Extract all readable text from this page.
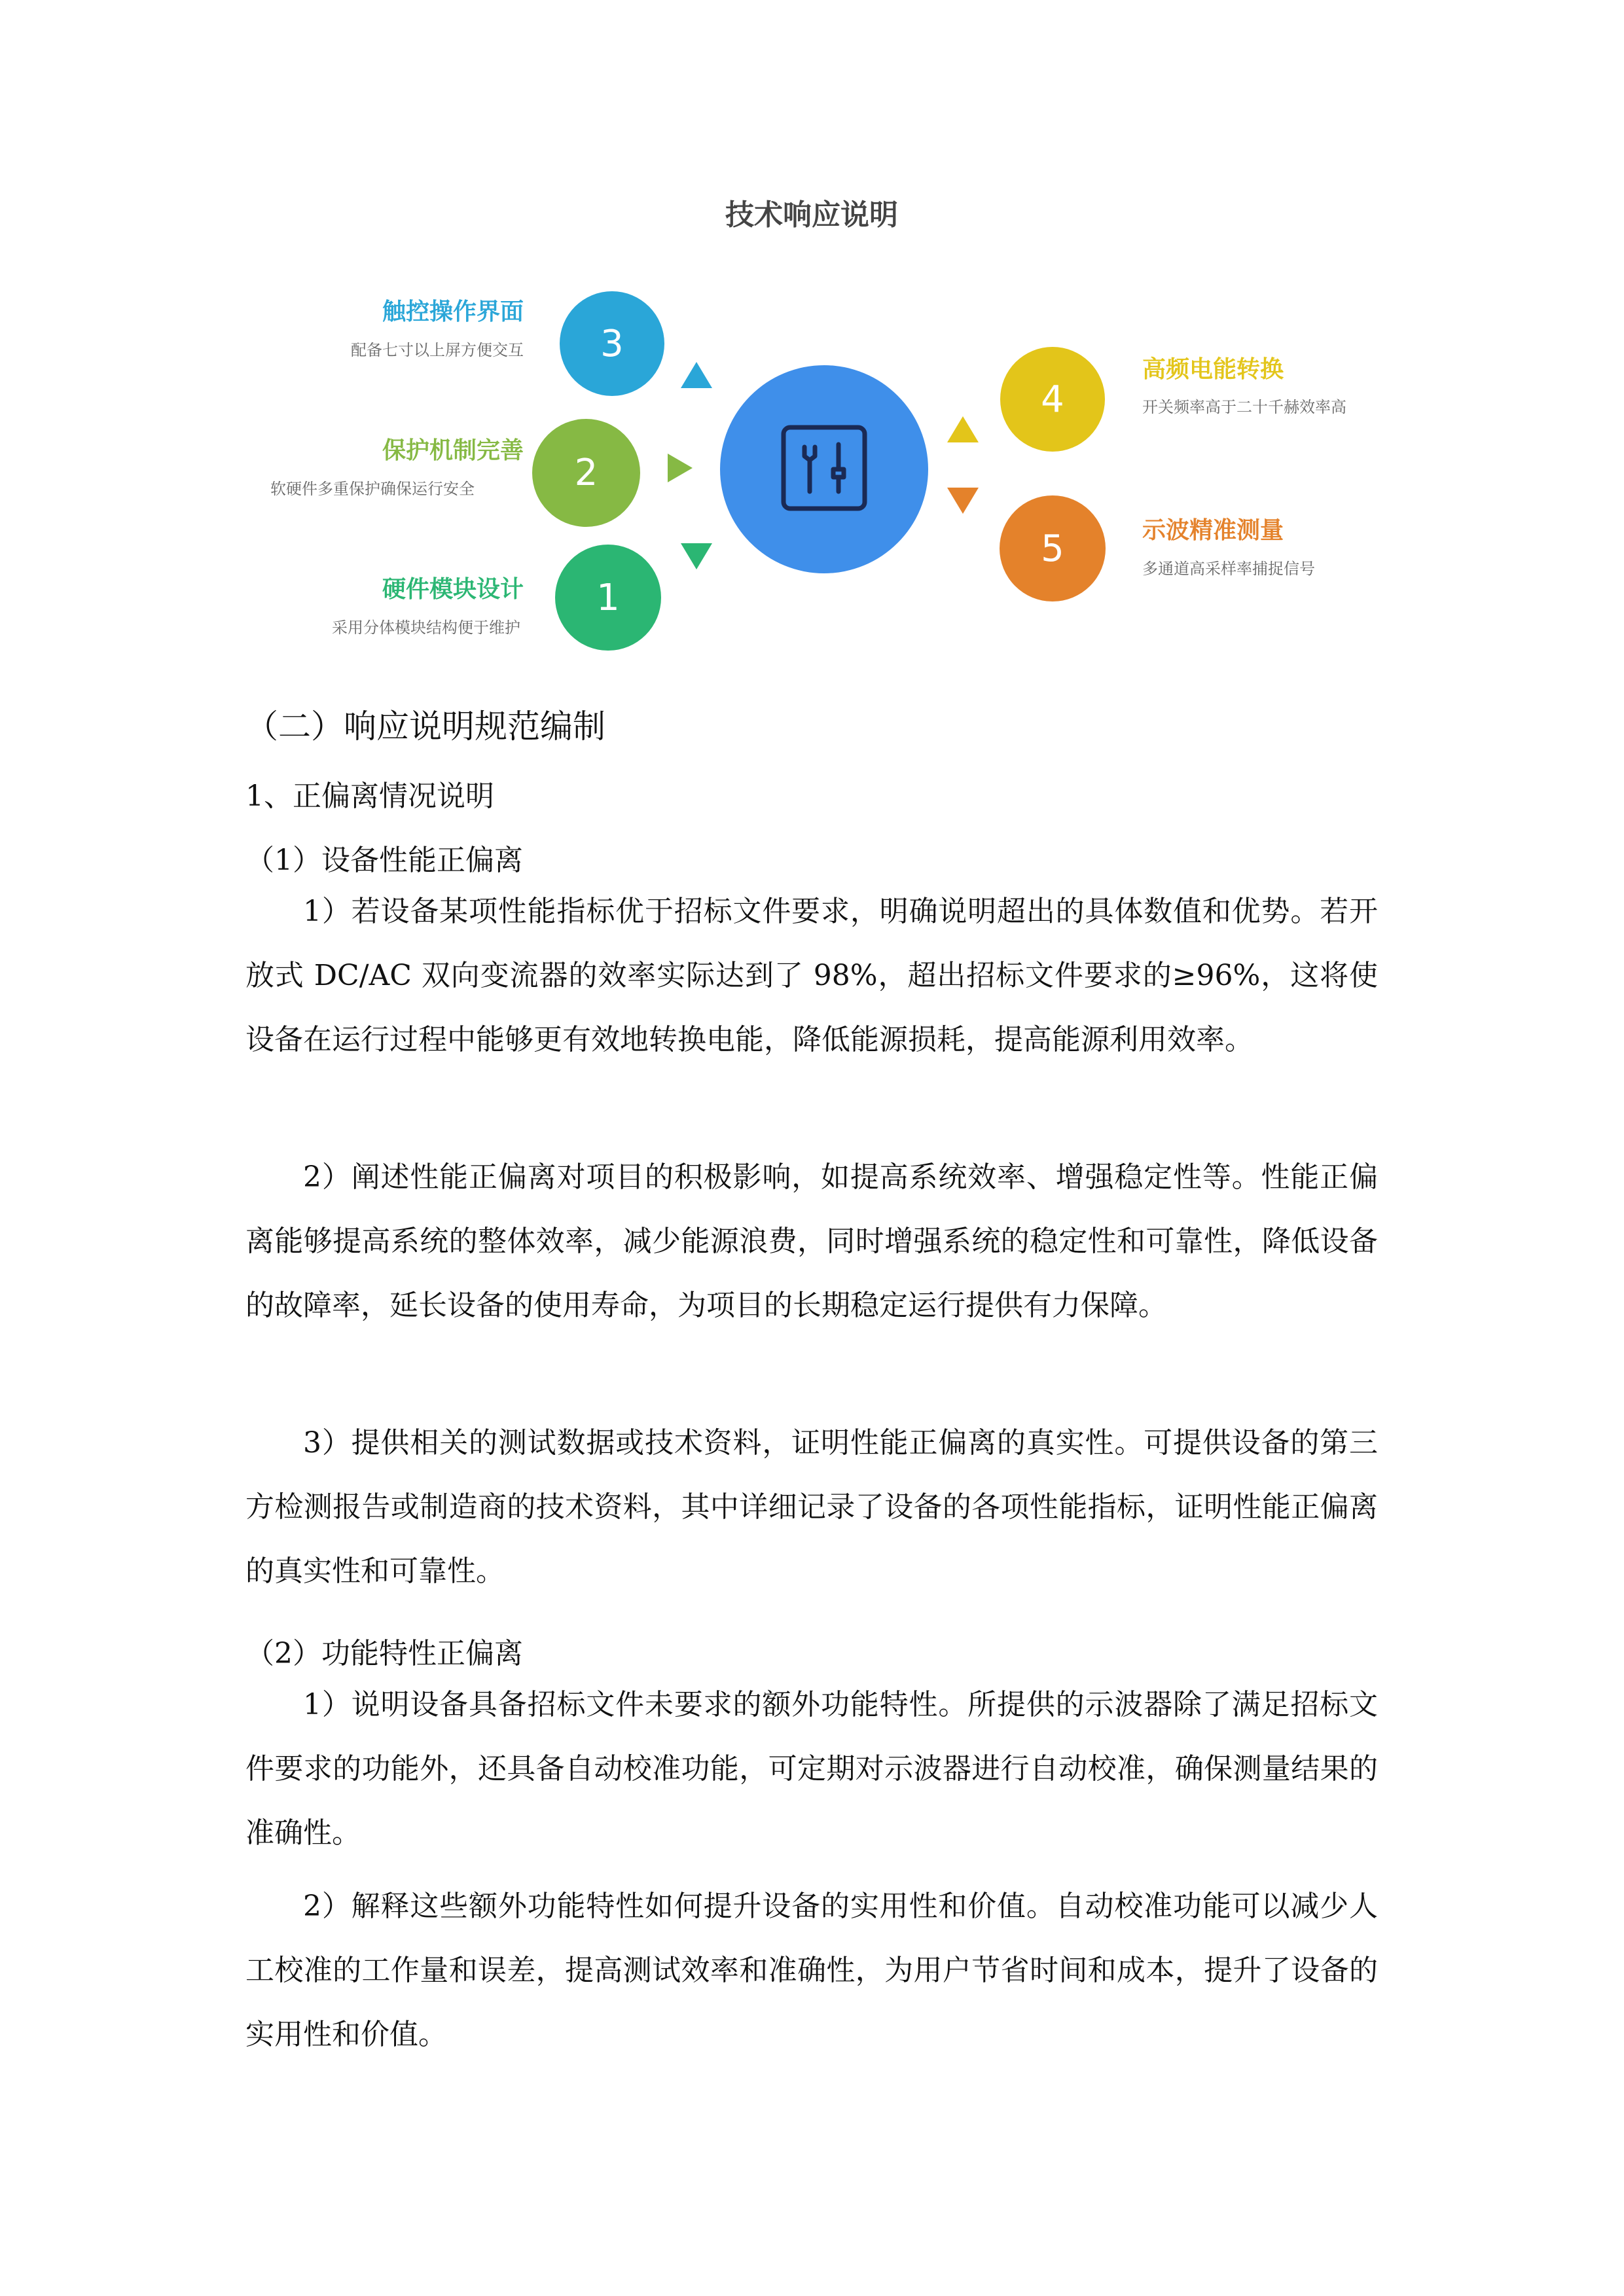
技术响应说明
3
触控操作界面
配备七寸以上屏方便交互
2
保护机制完善
软硬件多重保护确保运行安全
1
硬件模块设计
采用分体模块结构便于维护
4
高频电能转换
开关频率高于二十千赫效率高
5	示波精准测量
多通道高采样率捕捉信号
（二）响应说明规范编制
1、正偏离情况说明
（1）设备性能正偏离
1）若设备某项性能指标优于招标文件要求，明确说明超出的具体数值和优势。若开放式 DC/AC 双向变流器的效率实际达到了 98%，超出招标文件要求的≥96%，这将使设备在运行过程中能够更有效地转换电能，降低能源损耗，提高能源利用效率。
2）阐述性能正偏离对项目的积极影响，如提高系统效率、增强稳定性等。性能正偏离能够提高系统的整体效率，减少能源浪费，同时增强系统的稳定性和可靠性，降低设备的故障率，延长设备的使用寿命，为项目的长期稳定运行提供有力保障。
3）提供相关的测试数据或技术资料，证明性能正偏离的真实性。可提供设备的第三方检测报告或制造商的技术资料，其中详细记录了设备的各项性能指标，证明性能正偏离的真实性和可靠性。
（2）功能特性正偏离
1）说明设备具备招标文件未要求的额外功能特性。所提供的示波器除了满足招标文件要求的功能外，还具备自动校准功能，可定期对示波器进行自动校准，确保测量结果的准确性。
2）解释这些额外功能特性如何提升设备的实用性和价值。自动校准功能可以减少人工校准的工作量和误差，提高测试效率和准确性，为用户节省时间和成本，提升了设备的实用性和价值。
